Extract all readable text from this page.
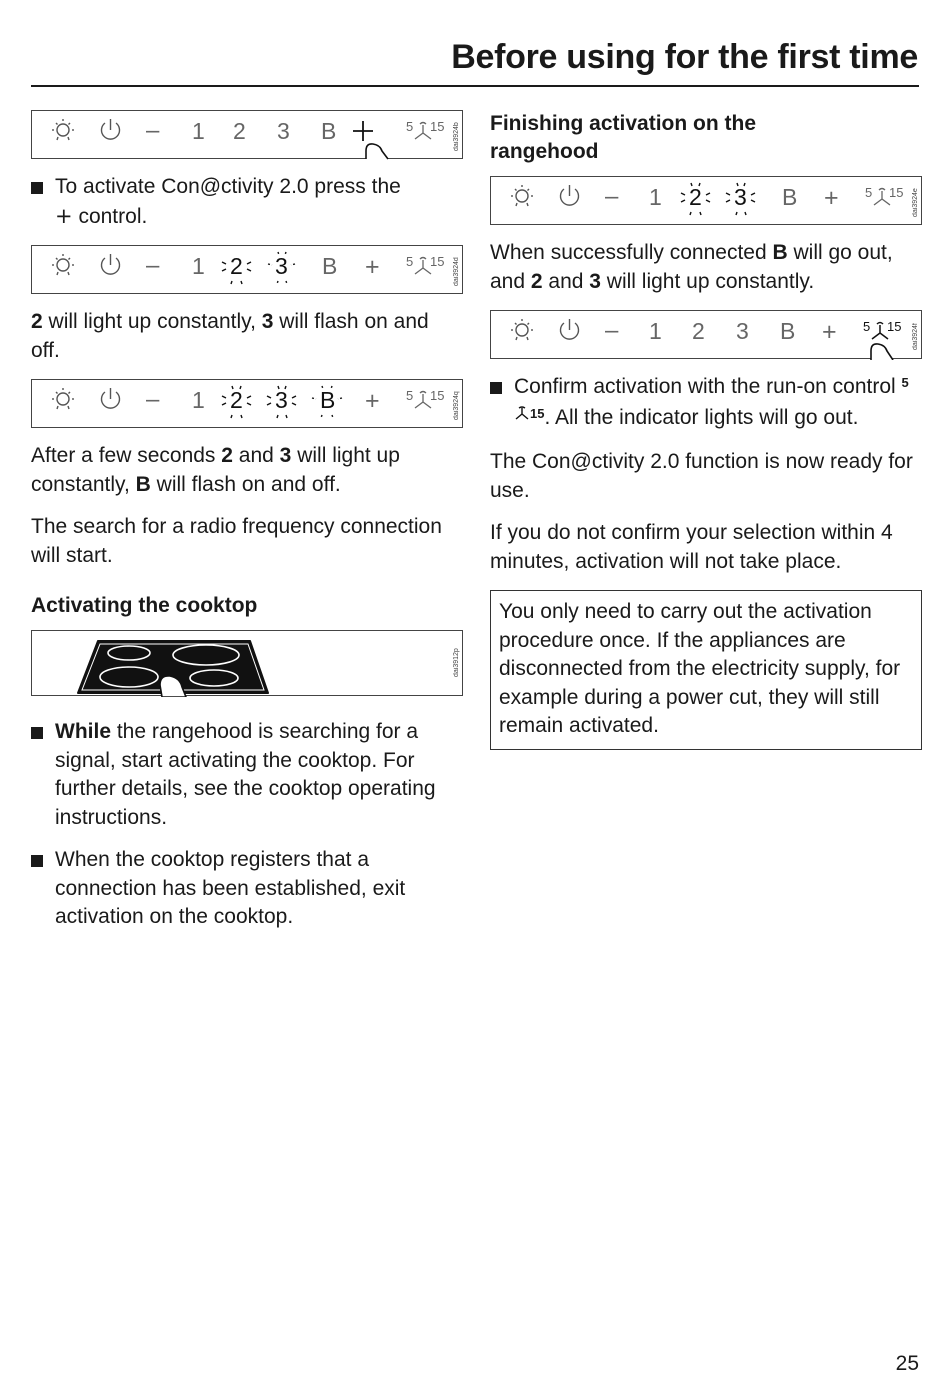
Before using for the first time
– 1 2 3 B	5 15 dai3924b
To activate Con@ctivity 2.0 press the
+ control.
– 1 2 3 B + 5 15 dai3924d

2 will light up constantly, 3 will flash on and off.

– 1 2 3 B + 5 15 dai3924q

After a few seconds 2 and 3 will light up constantly, B will flash on and off.

The search for a radio frequency connection will start.

Activating the cooktop
dai3912p
While the rangehood is searching for a signal, start activating the cooktop. For further details, see the cooktop operating instructions.
When the cooktop registers that a connection has been established, exit activation on the cooktop.
Finishing activation on the rangehood
– 1 2 3 B + 5 15 dai3924e

When successfully connected B will go out, and 2 and 3 will light up constantly.

– 1 2 3 B + 5 15 dai3924f
Confirm activation with the run-on control $^{515}$. All the indicator lights will go out.

The Con@ctivity 2.0 function is now ready for use.

If you do not confirm your selection within 4 minutes, activation will not take place.

You only need to carry out the activation procedure once. If the appliances are disconnected from the electricity supply, for example during a power cut, they will still remain activated.
25
